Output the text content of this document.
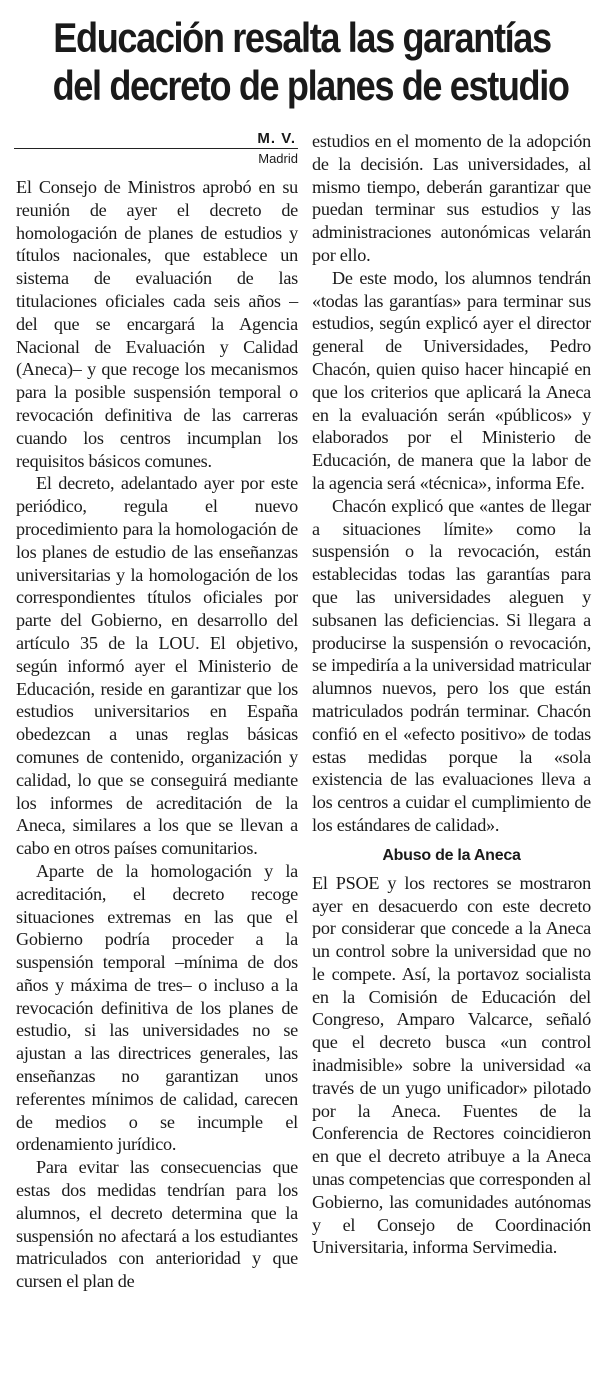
Educación resalta las garantías
del decreto de planes de estudio
M. V.
Madrid

El Consejo de Ministros aprobó en su reunión de ayer el decreto de homologación de planes de estudios y títulos nacionales, que establece un sistema de evaluación de las titulaciones oficiales cada seis años –del que se encargará la Agencia Nacional de Evaluación y Calidad (Aneca)– y que recoge los mecanismos para la posible suspensión temporal o revocación definitiva de las carreras cuando los centros incumplan los requisitos básicos comunes.

El decreto, adelantado ayer por este periódico, regula el nuevo procedimiento para la homologación de los planes de estudio de las enseñanzas universitarias y la homologación de los correspondientes títulos oficiales por parte del Gobierno, en desarrollo del artículo 35 de la LOU. El objetivo, según informó ayer el Ministerio de Educación, reside en garantizar que los estudios universitarios en España obedezcan a unas reglas básicas comunes de contenido, organización y calidad, lo que se conseguirá mediante los informes de acreditación de la Aneca, similares a los que se llevan a cabo en otros países comunitarios.

Aparte de la homologación y la acreditación, el decreto recoge situaciones extremas en las que el Gobierno podría proceder a la suspensión temporal –mínima de dos años y máxima de tres– o incluso a la revocación definitiva de los planes de estudio, si las universidades no se ajustan a las directrices generales, las enseñanzas no garantizan unos referentes mínimos de calidad, carecen de medios o se incumple el ordenamiento jurídico.

Para evitar las consecuencias que estas dos medidas tendrían para los alumnos, el decreto determina que la suspensión no afectará a los estudiantes matriculados con anterioridad y que cursen el plan de

estudios en el momento de la adopción de la decisión. Las universidades, al mismo tiempo, deberán garantizar que puedan terminar sus estudios y las administraciones autonómicas velarán por ello.

De este modo, los alumnos tendrán «todas las garantías» para terminar sus estudios, según explicó ayer el director general de Universidades, Pedro Chacón, quien quiso hacer hincapié en que los criterios que aplicará la Aneca en la evaluación serán «públicos» y elaborados por el Ministerio de Educación, de manera que la labor de la agencia será «técnica», informa Efe.

Chacón explicó que «antes de llegar a situaciones límite» como la suspensión o la revocación, están establecidas todas las garantías para que las universidades aleguen y subsanen las deficiencias. Si llegara a producirse la suspensión o revocación, se impediría a la universidad matricular alumnos nuevos, pero los que están matriculados podrán terminar. Chacón confió en el «efecto positivo» de todas estas medidas porque la «sola existencia de las evaluaciones lleva a los centros a cuidar el cumplimiento de los estándares de calidad».

Abuso de la Aneca

El PSOE y los rectores se mostraron ayer en desacuerdo con este decreto por considerar que concede a la Aneca un control sobre la universidad que no le compete. Así, la portavoz socialista en la Comisión de Educación del Congreso, Amparo Valcarce, señaló que el decreto busca «un control inadmisible» sobre la universidad «a través de un yugo unificador» pilotado por la Aneca. Fuentes de la Conferencia de Rectores coincidieron en que el decreto atribuye a la Aneca unas competencias que corresponden al Gobierno, las comunidades autónomas y el Consejo de Coordinación Universitaria, informa Servimedia.
